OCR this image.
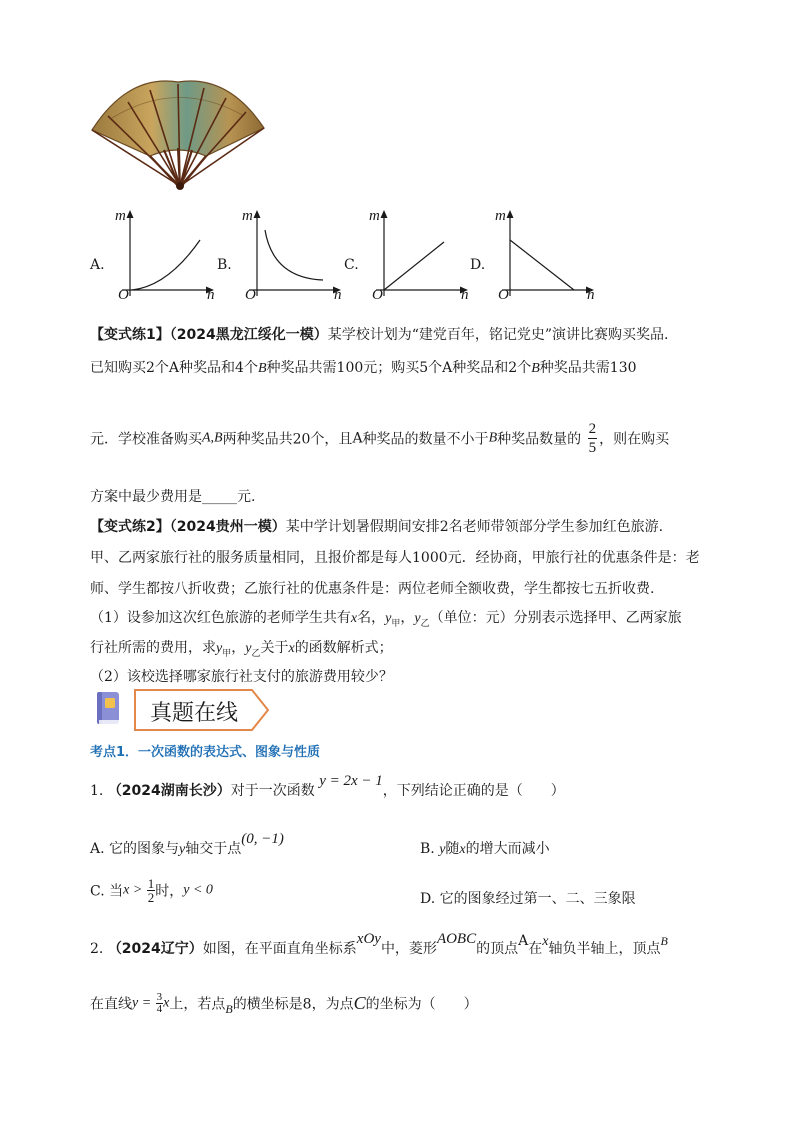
A.
m
O	n
B.
m
O	n
C.
m
O	n
D.
m
O	n
【变式练1】（2024黑龙江绥化一模）某学校计划为“建党百年，铭记党史”演讲比赛购买奖品.
已知购买2个A种奖品和4个B种奖品共需100元；购买5个A种奖品和2个B种奖品共需130
元．学校准备购买A,B两种奖品共20个，且A种奖品的数量不小于B种奖品数量的 $\frac{2}{5}$ ，则在购买
方案中最少费用是_____元.
【变式练2】（2024贵州一模）某中学计划暑假期间安排2名老师带领部分学生参加红色旅游.
甲、乙两家旅行社的服务质量相同，且报价都是每人1000元．经协商，甲旅行社的优惠条件是：老
师、学生都按八折收费；乙旅行社的优惠条件是：两位老师全额收费，学生都按七五折收费.
（1）设参加这次红色旅游的老师学生共有x名，$y_甲$，$y_乙$（单位：元）分别表示选择甲、乙两家旅
行社所需的费用，求$y_甲$，$y_乙$关于x的函数解析式；
（2）该校选择哪家旅行社支付的旅游费用较少？
真题在线
考点1．一次函数的表达式、图象与性质
1. （2024湖南长沙）对于一次函数 y = 2x − 1，下列结论正确的是（　　）
A. 它的图象与y轴交于点(0, −1)
B. y随x的增大而减小
C. 当$x > \frac{1}{2}$ 时，y < 0
D. 它的图象经过第一、二、三象限
2. （2024辽宁）如图，在平面直角坐标系xOy中，菱形AOBC的顶点A在x轴负半轴上，顶点B
在直线$y = \frac{3}{4}$ x上，若点B的横坐标是8，为点C的坐标为（　　）
